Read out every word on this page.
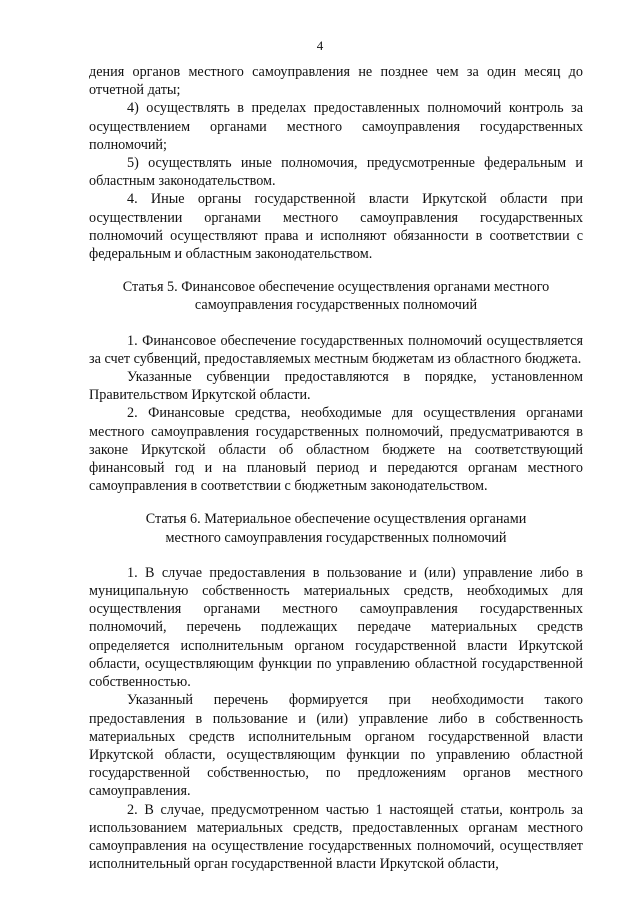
4

дения органов местного самоуправления не позднее чем за один месяц до отчетной даты;

4) осуществлять в пределах предоставленных полномочий контроль за осуществлением органами местного самоуправления государственных полномочий;

5) осуществлять иные полномочия, предусмотренные федеральным и областным законодательством.

4. Иные органы государственной власти Иркутской области при осуществлении органами местного самоуправления государственных полномочий осуществляют права и исполняют обязанности в соответствии с федеральным и областным законодательством.

Статья 5. Финансовое обеспечение осуществления органами местного самоуправления государственных полномочий

1. Финансовое обеспечение государственных полномочий осуществляется за счет субвенций, предоставляемых местным бюджетам из областного бюджета.

Указанные субвенции предоставляются в порядке, установленном Правительством Иркутской области.

2. Финансовые средства, необходимые для осуществления органами местного самоуправления государственных полномочий, предусматриваются в законе Иркутской области об областном бюджете на соответствующий финансовый год и на плановый период и передаются органам местного самоуправления в соответствии с бюджетным законодательством.

Статья 6. Материальное обеспечение осуществления органами местного самоуправления государственных полномочий

1. В случае предоставления в пользование и (или) управление либо в муниципальную собственность материальных средств, необходимых для осуществления органами местного самоуправления государственных полномочий, перечень подлежащих передаче материальных средств определяется исполнительным органом государственной власти Иркутской области, осуществляющим функции по управлению областной государственной собственностью.

Указанный перечень формируется при необходимости такого предоставления в пользование и (или) управление либо в собственность материальных средств исполнительным органом государственной власти Иркутской области, осуществляющим функции по управлению областной государственной собственностью, по предложениям органов местного самоуправления.

2. В случае, предусмотренном частью 1 настоящей статьи, контроль за использованием материальных средств, предоставленных органам местного самоуправления на осуществление государственных полномочий, осуществляет исполнительный орган государственной власти Иркутской области,
